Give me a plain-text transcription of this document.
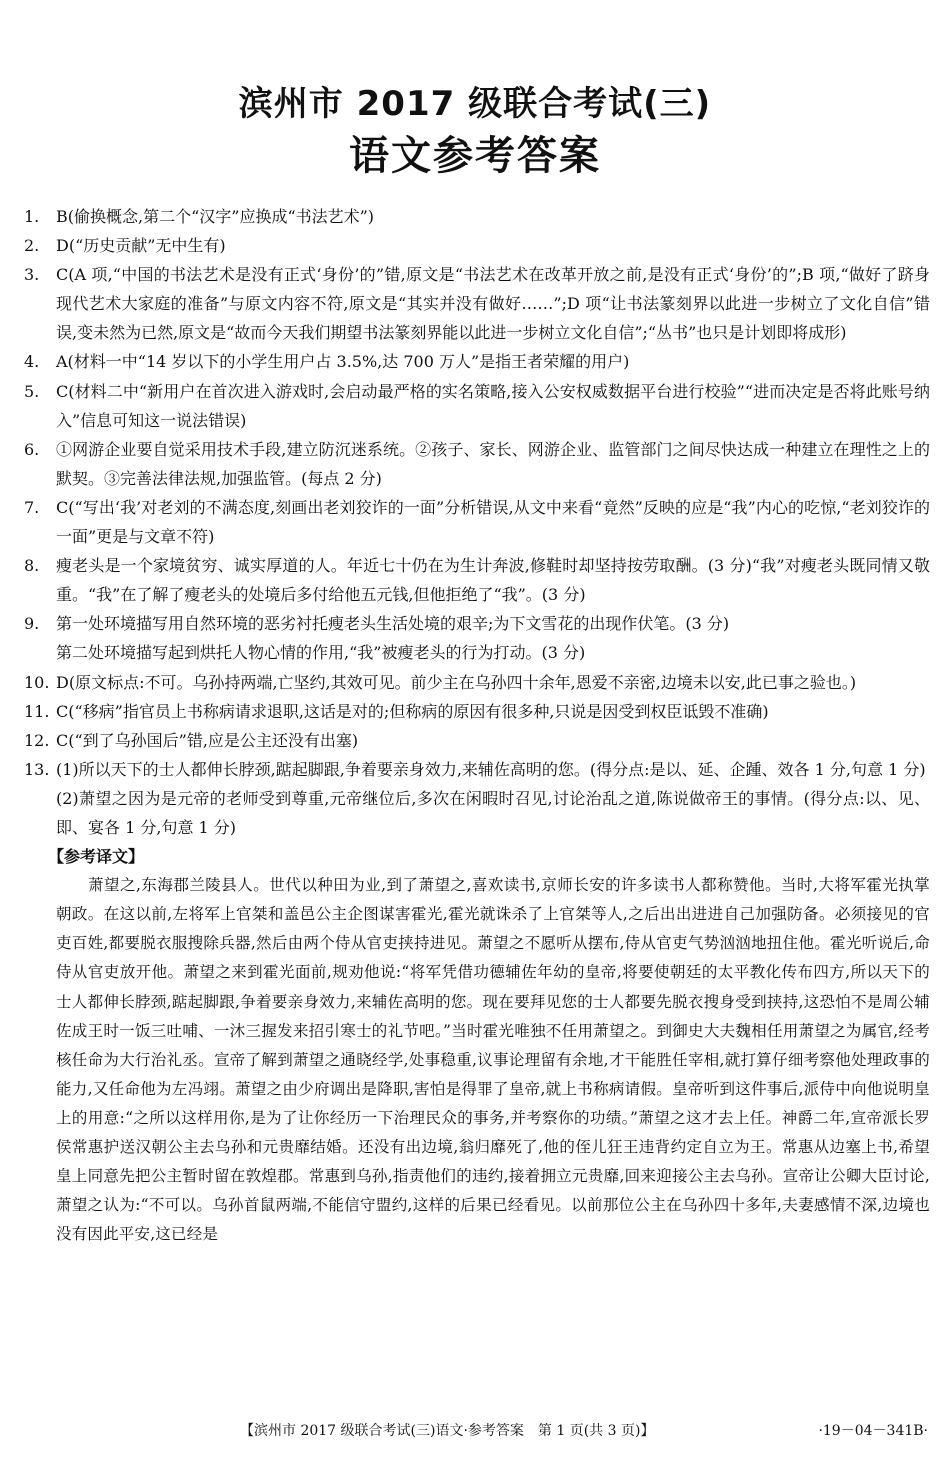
滨州市 2017 级联合考试(三)
语文参考答案
1. B(偷换概念,第二个“汉字”应换成“书法艺术”)
2. D(“历史贡献”无中生有)
3. C(A 项,“中国的书法艺术是没有正式‘身份’的”错,原文是“书法艺术在改革开放之前,是没有正式‘身份’的”;B 项,“做好了跻身现代艺术大家庭的准备”与原文内容不符,原文是“其实并没有做好……”;D 项“让书法篆刻界以此进一步树立了文化自信”错误,变未然为已然,原文是“故而今天我们期望书法篆刻界能以此进一步树立文化自信”;“丛书”也只是计划即将成形)
4. A(材料一中“14 岁以下的小学生用户占 3.5%,达 700 万人”是指王者荣耀的用户)
5. C(材料二中“新用户在首次进入游戏时,会启动最严格的实名策略,接入公安权威数据平台进行校验”“进而决定是否将此账号纳入”信息可知这一说法错误)
6. ①网游企业要自觉采用技术手段,建立防沉迷系统。②孩子、家长、网游企业、监管部门之间尽快达成一种建立在理性之上的默契。③完善法律法规,加强监管。(每点 2 分)
7. C(“写出‘我’对老刘的不满态度,刻画出老刘狡诈的一面”分析错误,从文中来看“竟然”反映的应是“我”内心的吃惊,“老刘狡诈的一面”更是与文章不符)
8. 瘦老头是一个家境贫穷、诚实厚道的人。年近七十仍在为生计奔波,修鞋时却坚持按劳取酬。(3 分)“我”对瘦老头既同情又敬重。“我”在了解了瘦老头的处境后多付给他五元钱,但他拒绝了“我”。(3 分)
9. 第一处环境描写用自然环境的恶劣衬托瘦老头生活处境的艰辛;为下文雪花的出现作伏笔。(3 分)
第二处环境描写起到烘托人物心情的作用,“我”被瘦老头的行为打动。(3 分)
10. D(原文标点:不可。乌孙持两端,亡坚约,其效可见。前少主在乌孙四十余年,恩爱不亲密,边境未以安,此已事之验也。)
11. C(“移病”指官员上书称病请求退职,这话是对的;但称病的原因有很多种,只说是因受到权臣诋毁不准确)
12. C(“到了乌孙国后”错,应是公主还没有出塞)
13. (1)所以天下的士人都伸长脖颈,踮起脚跟,争着要亲身效力,来辅佐高明的您。(得分点:是以、延、企踵、效各 1 分,句意 1 分)
(2)萧望之因为是元帝的老师受到尊重,元帝继位后,多次在闲暇时召见,讨论治乱之道,陈说做帝王的事情。(得分点:以、见、即、宴各 1 分,句意 1 分)
【参考译文】
萧望之,东海郡兰陵县人。世代以种田为业,到了萧望之,喜欢读书,京师长安的许多读书人都称赞他。当时,大将军霍光执掌朝政。在这以前,左将军上官桀和盖邑公主企图谋害霍光,霍光就诛杀了上官桀等人,之后出出进进自己加强防备。必须接见的官吏百姓,都要脱衣服搜除兵器,然后由两个侍从官吏挟持进见。萧望之不愿听从摆布,侍从官吏气势汹汹地扭住他。霍光听说后,命侍从官吏放开他。萧望之来到霍光面前,规劝他说:“将军凭借功德辅佐年幼的皇帝,将要使朝廷的太平教化传布四方,所以天下的士人都伸长脖颈,踮起脚跟,争着要亲身效力,来辅佐高明的您。现在要拜见您的士人都要先脱衣搜身受到挟持,这恐怕不是周公辅佐成王时一饭三吐哺、一沐三握发来招引寒士的礼节吧。”当时霍光唯独不任用萧望之。到御史大夫魏相任用萧望之为属官,经考核任命为大行治礼丞。宣帝了解到萧望之通晓经学,处事稳重,议事论理留有余地,才干能胜任宰相,就打算仔细考察他处理政事的能力,又任命他为左冯翊。萧望之由少府调出是降职,害怕是得罪了皇帝,就上书称病请假。皇帝听到这件事后,派侍中向他说明皇上的用意:“之所以这样用你,是为了让你经历一下治理民众的事务,并考察你的功绩。”萧望之这才去上任。神爵二年,宣帝派长罗侯常惠护送汉朝公主去乌孙和元贵靡结婚。还没有出边境,翁归靡死了,他的侄儿狂王违背约定自立为王。常惠从边塞上书,希望皇上同意先把公主暂时留在敦煌郡。常惠到乌孙,指责他们的违约,接着拥立元贵靡,回来迎接公主去乌孙。宣帝让公卿大臣讨论,萧望之认为:“不可以。乌孙首鼠两端,不能信守盟约,这样的后果已经看见。以前那位公主在乌孙四十多年,夫妻感情不深,边境也没有因此平安,这已经是
【滨州市 2017 级联合考试(三)语文·参考答案　第 1 页(共 3 页)】	·19－04－341B·
